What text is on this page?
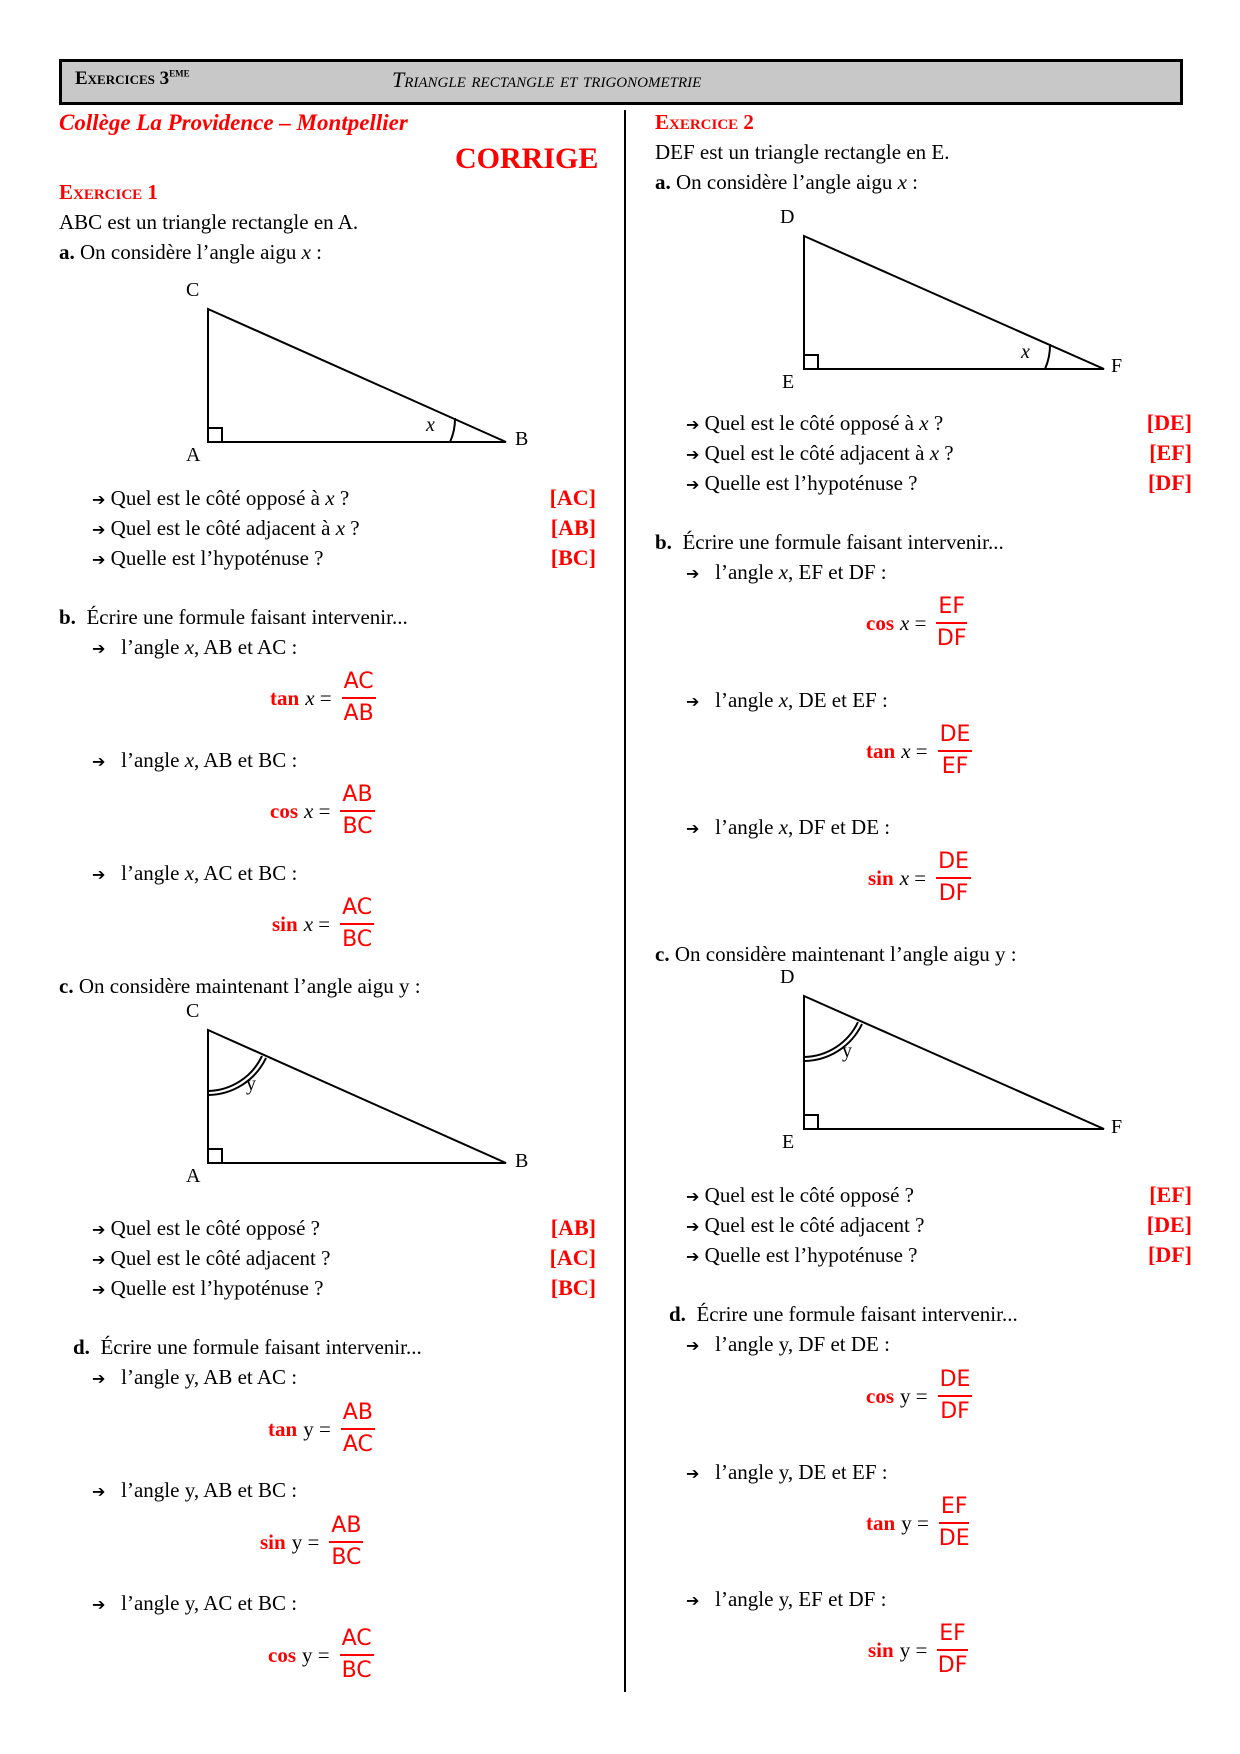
Exercices 3EME	Triangle rectangle et trigonometrie
Collège La Providence – Montpellier
CORRIGE
Exercice 1
ABC est un triangle rectangle en A.
a. On considère l’angle aigu x :
C
A
B
x
➔ Quel est le côté opposé à x ?	[AC]
➔ Quel est le côté adjacent à x ?	[AB]
➔ Quelle est l’hypoténuse ?	[BC]
b. Écrire une formule faisant intervenir...
➔ l’angle x, AB et AC :
tan x
= $\frac{AC}{AB}$
➔ l’angle x, AB et BC :
cos x
= $\frac{AB}{BC}$
➔ l’angle x, AC et BC :
sin x
= $\frac{AC}{BC}$
c. On considère maintenant l’angle aigu y :
C
A
B
y
➔ Quel est le côté opposé ?	[AB]
➔ Quel est le côté adjacent ?	[AC]
➔ Quelle est l’hypoténuse ?	[BC]
d. Écrire une formule faisant intervenir...
➔ l’angle y, AB et AC :
tan y
= $\frac{AB}{AC}$
➔ l’angle y, AB et BC :
sin y
= $\frac{AB}{BC}$
➔ l’angle y, AC et BC :
cos y
= $\frac{AC}{BC}$
Exercice 2
DEF est un triangle rectangle en E.
a. On considère l’angle aigu x :
D
E
F
x
➔ Quel est le côté opposé à x ?	[DE]
➔ Quel est le côté adjacent à x ?	[EF]
➔ Quelle est l’hypoténuse ?	[DF]
b. Écrire une formule faisant intervenir...
➔ l’angle x, EF et DF :
cos x
= $\frac{EF}{DF}$
➔ l’angle x, DE et EF :
tan x
= $\frac{DE}{EF}$
➔ l’angle x, DF et DE :
sin x
= $\frac{DE}{DF}$
c. On considère maintenant l’angle aigu y :
D
E
F
y
➔ Quel est le côté opposé ?	[EF]
➔ Quel est le côté adjacent ?	[DE]
➔ Quelle est l’hypoténuse ?	[DF]
d. Écrire une formule faisant intervenir...
➔ l’angle y, DF et DE :
cos y
= $\frac{DE}{DF}$
➔ l’angle y, DE et EF :
tan y
= $\frac{EF}{DE}$
➔ l’angle y, EF et DF :
sin y
= $\frac{EF}{DF}$
